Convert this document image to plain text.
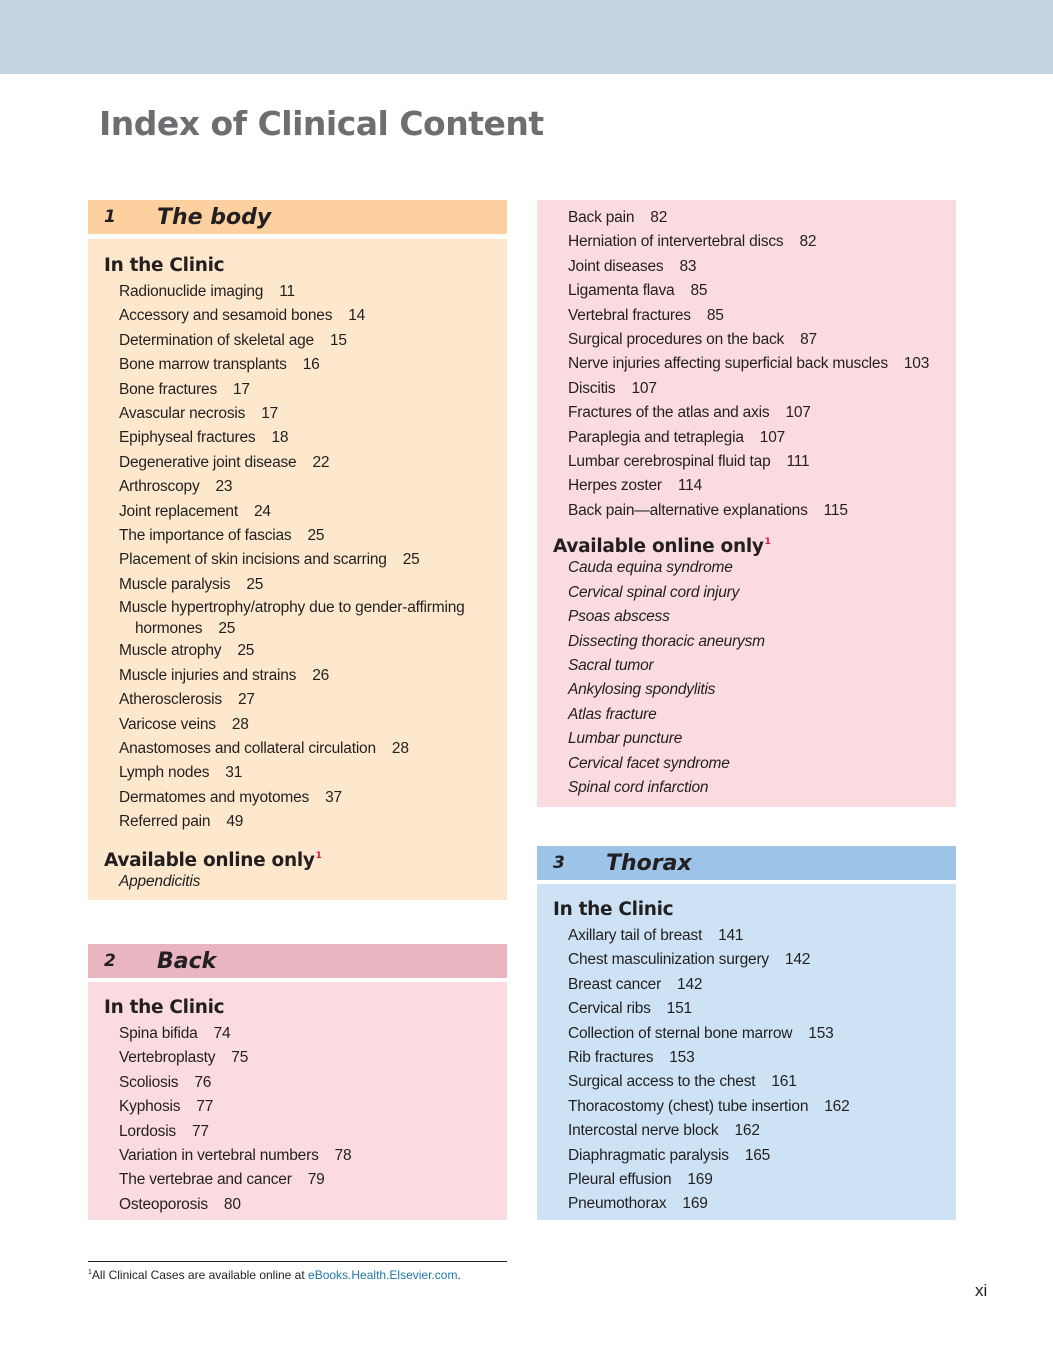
Index of Clinical Content
1 The body
In the Clinic
Radionuclide imaging 11
Accessory and sesamoid bones 14
Determination of skeletal age 15
Bone marrow transplants 16
Bone fractures 17
Avascular necrosis 17
Epiphyseal fractures 18
Degenerative joint disease 22
Arthroscopy 23
Joint replacement 24
The importance of fascias 25
Placement of skin incisions and scarring 25
Muscle paralysis 25
Muscle hypertrophy/atrophy due to gender-affirming
hormones 25
Muscle atrophy 25
Muscle injuries and strains 26
Atherosclerosis 27
Varicose veins 28
Anastomoses and collateral circulation 28
Lymph nodes 31
Dermatomes and myotomes 37
Referred pain 49
Available online only$^1$
Appendicitis
2 Back
In the Clinic
Spina bifida 74
Vertebroplasty 75
Scoliosis 76
Kyphosis 77
Lordosis 77
Variation in vertebral numbers 78
The vertebrae and cancer 79
Osteoporosis 80
Back pain 82
Herniation of intervertebral discs 82
Joint diseases 83
Ligamenta flava 85
Vertebral fractures 85
Surgical procedures on the back 87
Nerve injuries affecting superficial back muscles 103
Discitis 107
Fractures of the atlas and axis 107
Paraplegia and tetraplegia 107
Lumbar cerebrospinal fluid tap 111
Herpes zoster 114
Back pain—alternative explanations 115
Available online only$^1$
Cauda equina syndrome
Cervical spinal cord injury
Psoas abscess
Dissecting thoracic aneurysm
Sacral tumor
Ankylosing spondylitis
Atlas fracture
Lumbar puncture
Cervical facet syndrome
Spinal cord infarction
3 Thorax
In the Clinic
Axillary tail of breast 141
Chest masculinization surgery 142
Breast cancer 142
Cervical ribs 151
Collection of sternal bone marrow 153
Rib fractures 153
Surgical access to the chest 161
Thoracostomy (chest) tube insertion 162
Intercostal nerve block 162
Diaphragmatic paralysis 165
Pleural effusion 169
Pneumothorax 169
$^1$All Clinical Cases are available online at eBooks.Health.Elsevier.com.
xi
